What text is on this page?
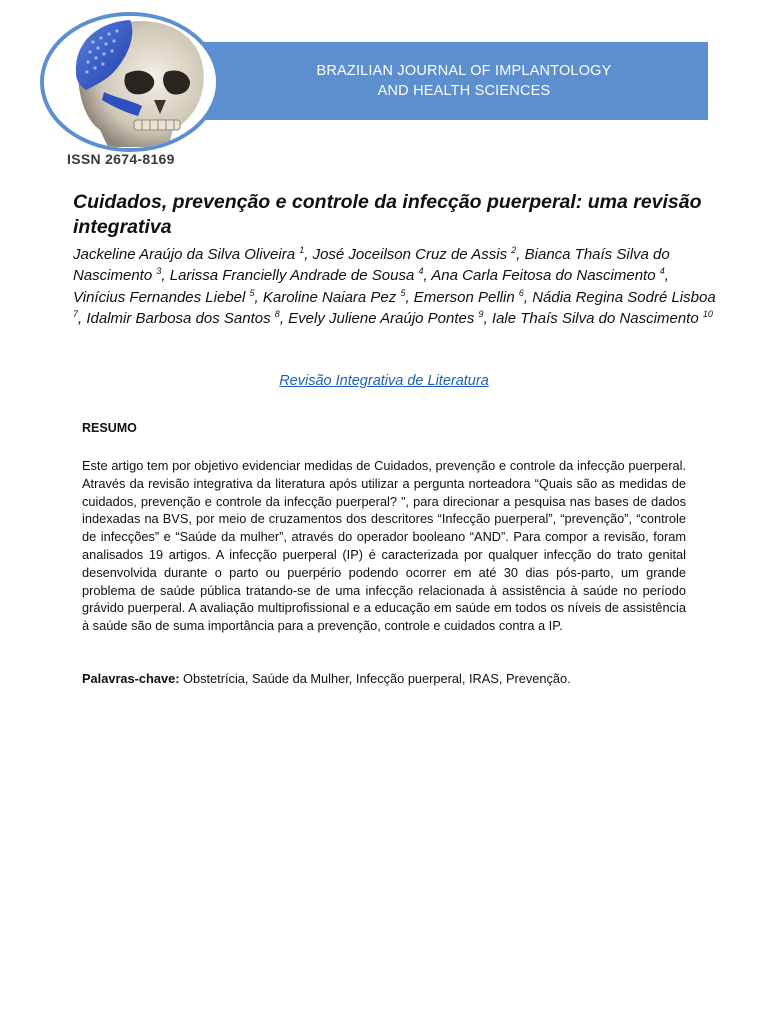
BRAZILIAN JOURNAL OF IMPLANTOLOGY
AND HEALTH SCIENCES
ISSN 2674-8169
Cuidados, prevenção e controle da infecção puerperal: uma revisão integrativa

Jackeline Araújo da Silva Oliveira $^1$, José Joceilson Cruz de Assis $^2$, Bianca Thaís Silva do Nascimento $^3$, Larissa Francielly Andrade de Sousa $^4$, Ana Carla Feitosa do Nascimento $^4$, Vinícius Fernandes Liebel $^5$, Karoline Naiara Pez $^5$, Emerson Pellin $^6$, Nádia Regina Sodré Lisboa $^7$, Idalmir Barbosa dos Santos $^8$, Evely Juliene Araújo Pontes $^9$, Iale Thaís Silva do Nascimento $^{10}$

Revisão Integrativa de Literatura
RESUMO

Este artigo tem por objetivo evidenciar medidas de Cuidados, prevenção e controle da infecção puerperal. Através da revisão integrativa da literatura após utilizar a pergunta norteadora “Quais são as medidas de cuidados, prevenção e controle da infecção puerperal? ”, para direcionar a pesquisa nas bases de dados indexadas na BVS, por meio de cruzamentos dos descritores “Infecção puerperal”, “prevenção”, “controle de infecções” e “Saúde da mulher”, através do operador booleano “AND”. Para compor a revisão, foram analisados 19 artigos. A infecção puerperal (IP) é caracterizada por qualquer infecção do trato genital desenvolvida durante o parto ou puerpério podendo ocorrer em até 30 dias pós-parto, um grande problema de saúde pública tratando-se de uma infecção relacionada à assistência à saúde no período grávido puerperal. A avaliação multiprofissional e a educação em saúde em todos os níveis de assistência à saúde são de suma importância para a prevenção, controle e cuidados contra a IP.

Palavras-chave: Obstetrícia, Saúde da Mulher, Infecção puerperal, IRAS, Prevenção.
